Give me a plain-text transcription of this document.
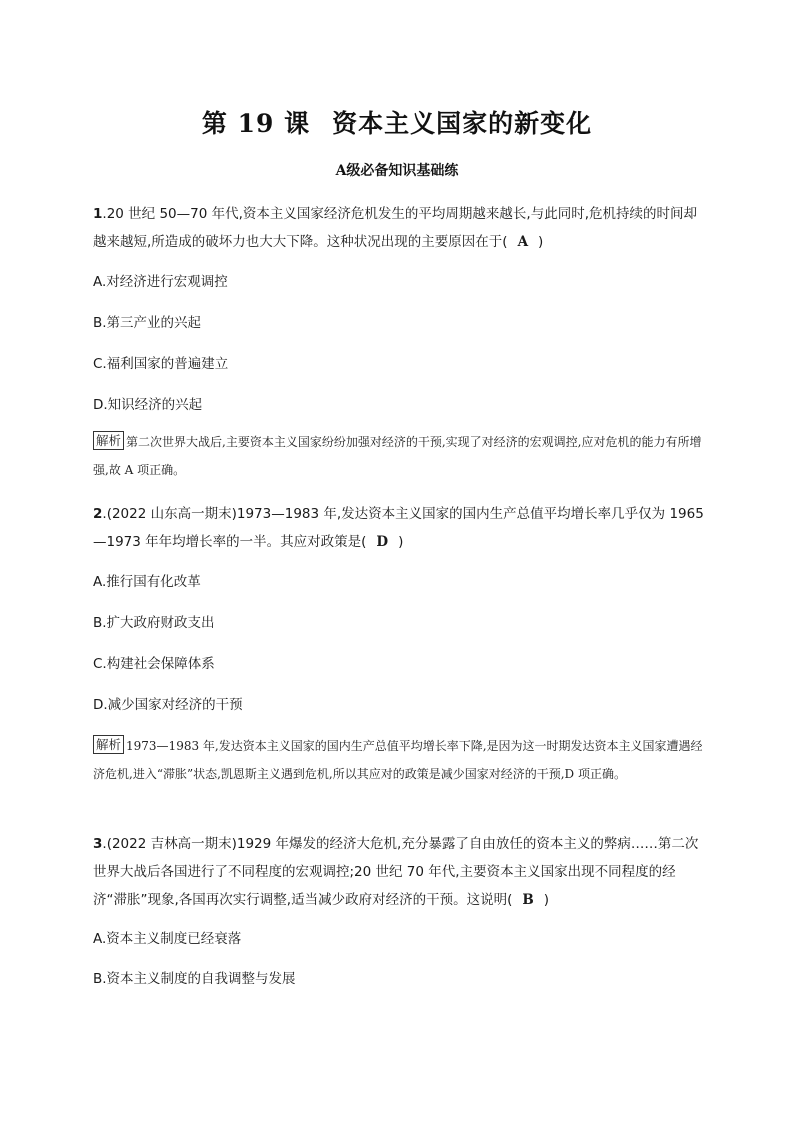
第 19 课 资本主义国家的新变化
A级必备知识基础练
1.20 世纪 50—70 年代,资本主义国家经济危机发生的平均周期越来越长,与此同时,危机持续的时间却越来越短,所造成的破坏力也大大下降。这种状况出现的主要原因在于( A )
A.对经济进行宏观调控
B.第三产业的兴起
C.福利国家的普遍建立
D.知识经济的兴起
解析 第二次世界大战后,主要资本主义国家纷纷加强对经济的干预,实现了对经济的宏观调控,应对危机的能力有所增强,故 A 项正确。
2.(2022 山东高一期末)1973—1983 年,发达资本主义国家的国内生产总值平均增长率几乎仅为 1965—1973 年年均增长率的一半。其应对政策是( D )
A.推行国有化改革
B.扩大政府财政支出
C.构建社会保障体系
D.减少国家对经济的干预
解析 1973—1983 年,发达资本主义国家的国内生产总值平均增长率下降,是因为这一时期发达资本主义国家遭遇经济危机,进入“滞胀”状态,凯恩斯主义遇到危机,所以其应对的政策是减少国家对经济的干预,D 项正确。
3.(2022 吉林高一期末)1929 年爆发的经济大危机,充分暴露了自由放任的资本主义的弊病……第二次世界大战后各国进行了不同程度的宏观调控;20 世纪 70 年代,主要资本主义国家出现不同程度的经济“滞胀”现象,各国再次实行调整,适当减少政府对经济的干预。这说明( B )
A.资本主义制度已经衰落
B.资本主义制度的自我调整与发展
